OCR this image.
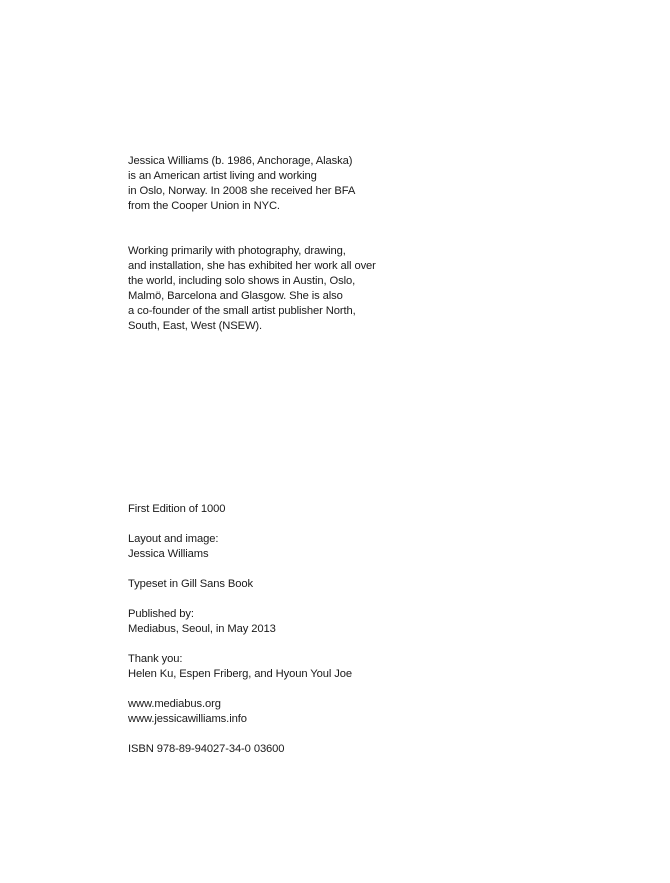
Jessica Williams (b. 1986, Anchorage, Alaska)
is an American artist living and working
in Oslo, Norway. In 2008 she received her BFA
from the Cooper Union in NYC.
Working primarily with photography, drawing,
and installation, she has exhibited her work all over
the world, including solo shows in Austin, Oslo,
Malmö, Barcelona and Glasgow. She is also
a co-founder of the small artist publisher North,
South, East, West (NSEW).
First Edition of 1000
Layout and image:
Jessica Williams
Typeset in Gill Sans Book
Published by:
Mediabus, Seoul, in May 2013
Thank you:
Helen Ku, Espen Friberg, and Hyoun Youl Joe
www.mediabus.org
www.jessicawilliams.info
ISBN 978-89-94027-34-0 03600
